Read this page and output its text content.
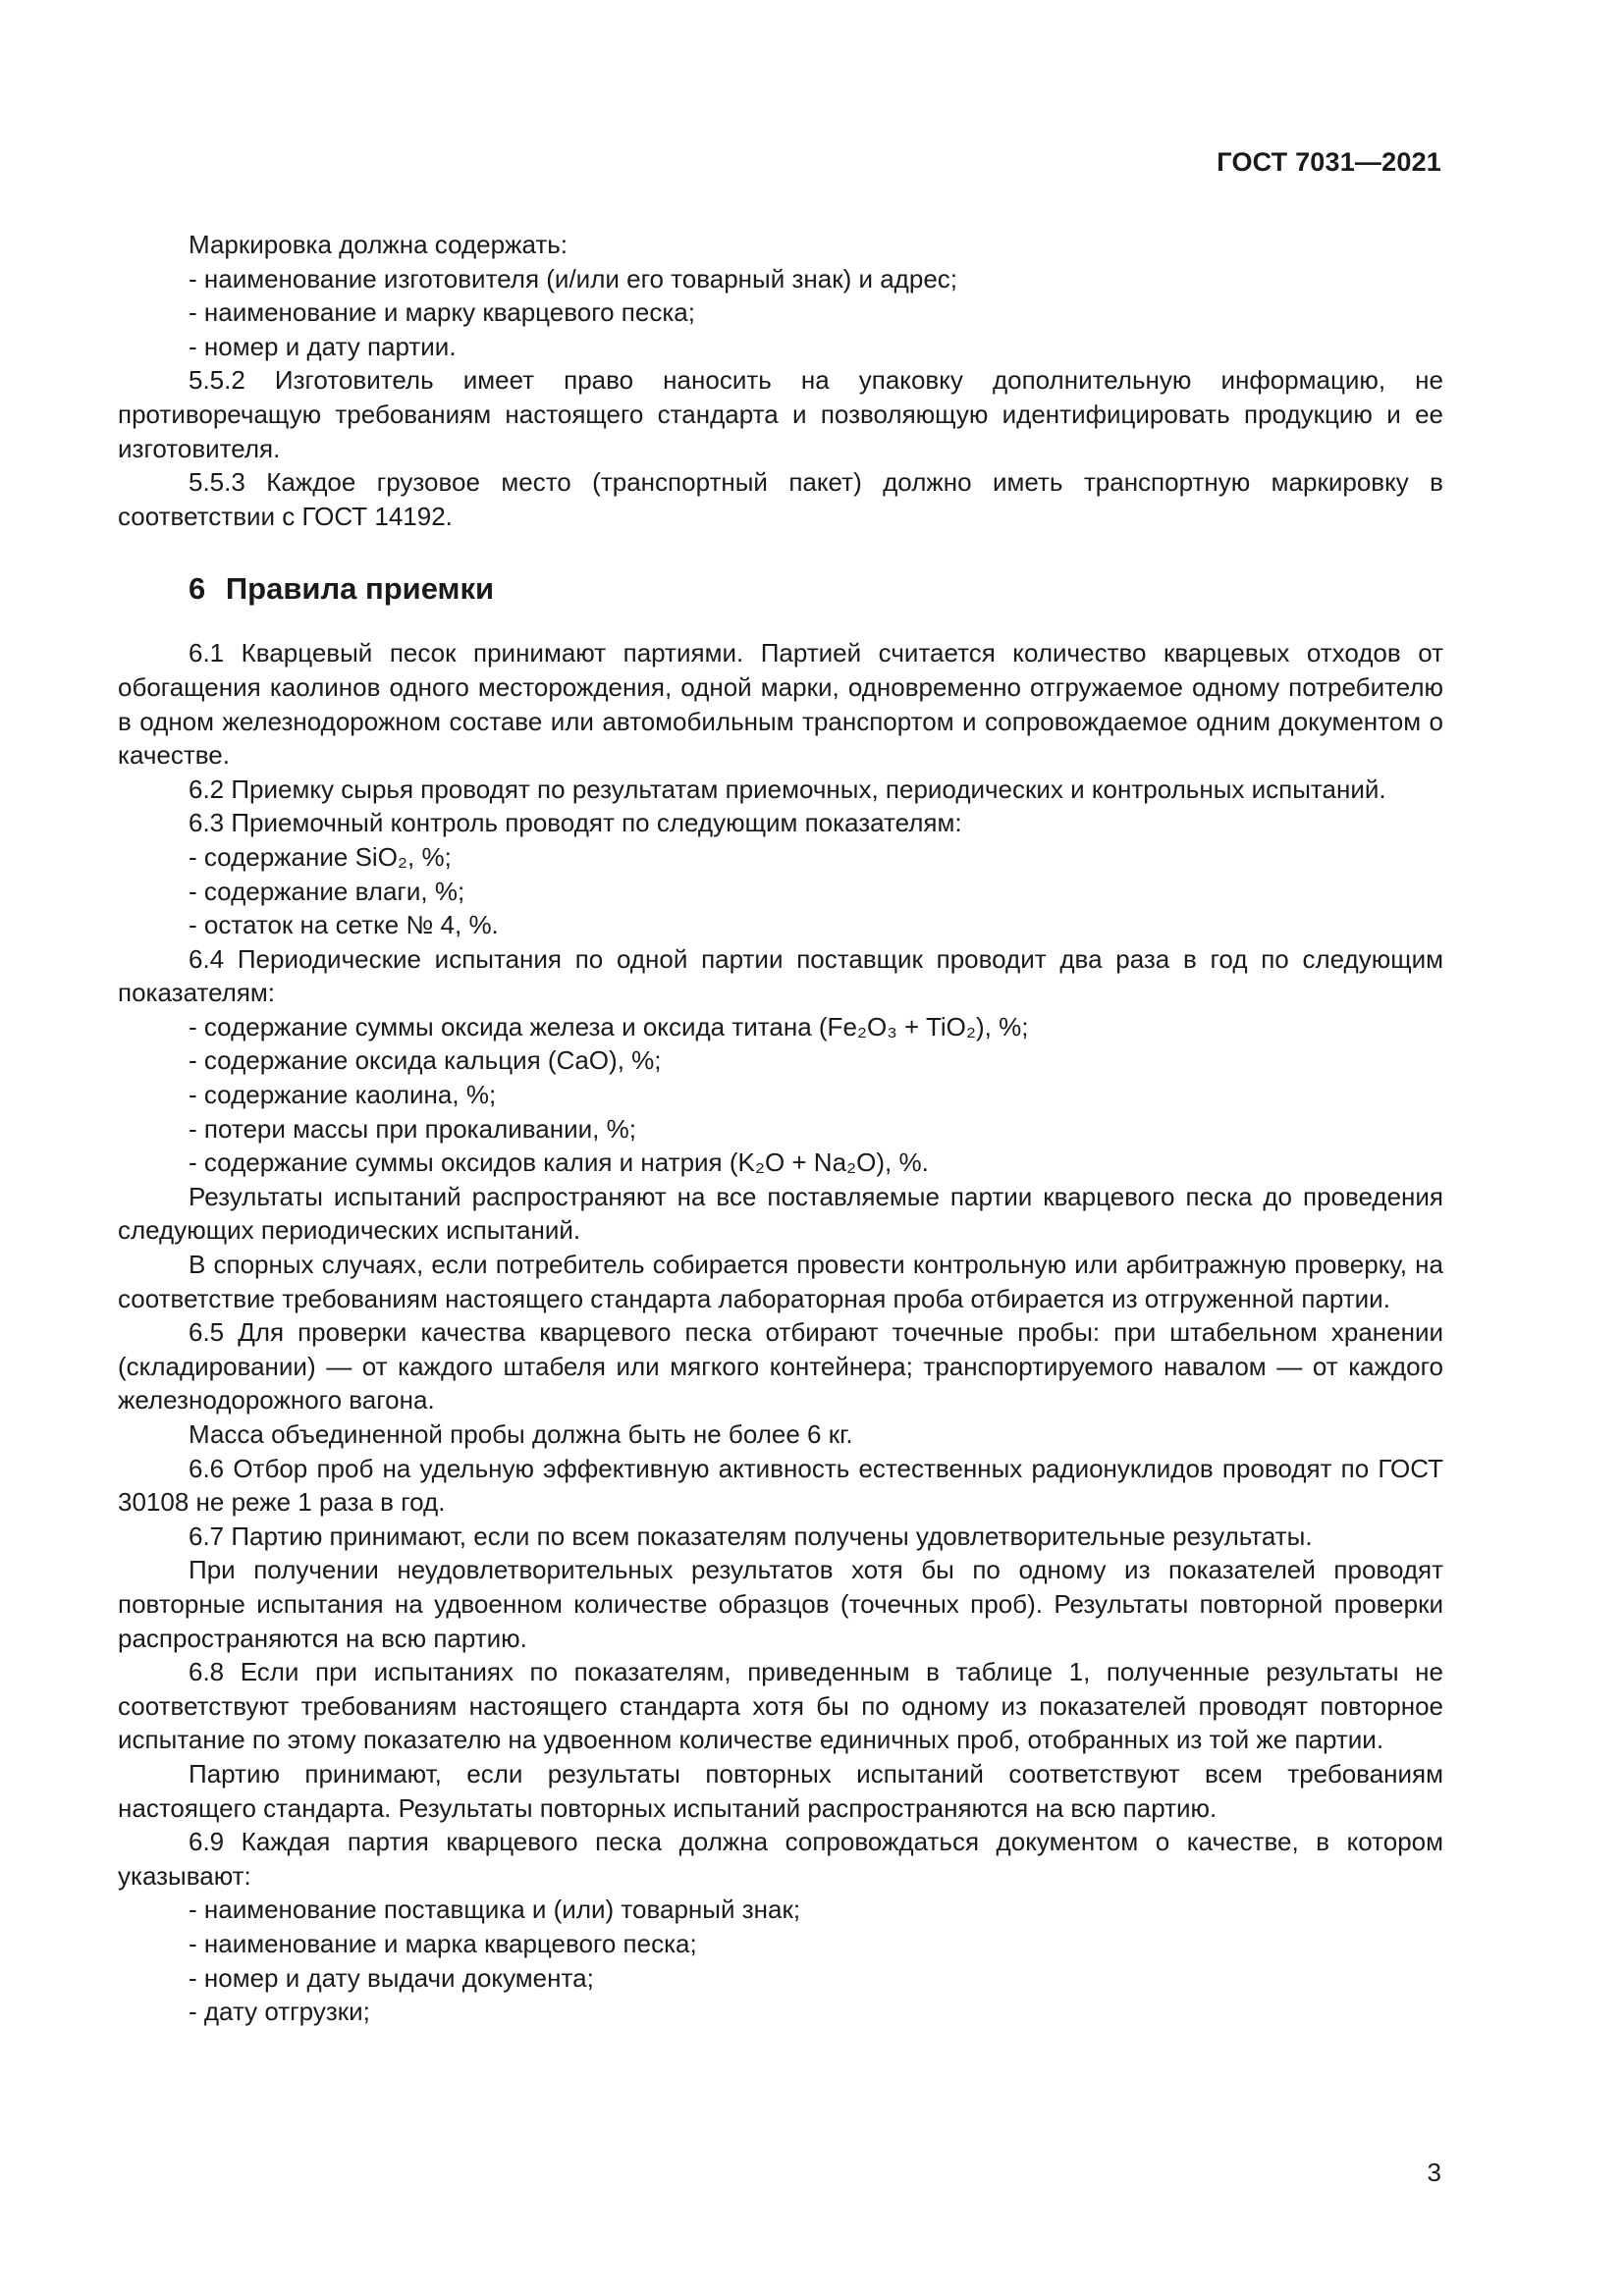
ГОСТ 7031—2021

Маркировка должна содержать:

- наименование изготовителя (и/или его товарный знак) и адрес;

- наименование и марку кварцевого песка;

- номер и дату партии.

5.5.2 Изготовитель имеет право наносить на упаковку дополнительную информацию, не противоречащую требованиям настоящего стандарта и позволяющую идентифицировать продукцию и ее изготовителя.

5.5.3 Каждое грузовое место (транспортный пакет) должно иметь транспортную маркировку в соответствии с ГОСТ 14192.

6 Правила приемки

6.1 Кварцевый песок принимают партиями. Партией считается количество кварцевых отходов от обогащения каолинов одного месторождения, одной марки, одновременно отгружаемое одному потребителю в одном железнодорожном составе или автомобильным транспортом и сопровождаемое одним документом о качестве.

6.2 Приемку сырья проводят по результатам приемочных, периодических и контрольных испытаний.

6.3 Приемочный контроль проводят по следующим показателям:

- содержание SiO₂, %;

- содержание влаги, %;

- остаток на сетке № 4, %.

6.4 Периодические испытания по одной партии поставщик проводит два раза в год по следующим показателям:

- содержание суммы оксида железа и оксида титана (Fe₂O₃ + TiO₂), %;

- содержание оксида кальция (CaO), %;

- содержание каолина, %;

- потери массы при прокаливании, %;

- содержание суммы оксидов калия и натрия (K₂O + Na₂O), %.

Результаты испытаний распространяют на все поставляемые партии кварцевого песка до проведения следующих периодических испытаний.

В спорных случаях, если потребитель собирается провести контрольную или арбитражную проверку, на соответствие требованиям настоящего стандарта лабораторная проба отбирается из отгруженной партии.

6.5 Для проверки качества кварцевого песка отбирают точечные пробы: при штабельном хранении (складировании) — от каждого штабеля или мягкого контейнера; транспортируемого навалом — от каждого железнодорожного вагона.

Масса объединенной пробы должна быть не более 6 кг.

6.6 Отбор проб на удельную эффективную активность естественных радионуклидов проводят по ГОСТ 30108 не реже 1 раза в год.

6.7 Партию принимают, если по всем показателям получены удовлетворительные результаты.

При получении неудовлетворительных результатов хотя бы по одному из показателей проводят повторные испытания на удвоенном количестве образцов (точечных проб). Результаты повторной проверки распространяются на всю партию.

6.8 Если при испытаниях по показателям, приведенным в таблице 1, полученные результаты не соответствуют требованиям настоящего стандарта хотя бы по одному из показателей проводят повторное испытание по этому показателю на удвоенном количестве единичных проб, отобранных из той же партии.

Партию принимают, если результаты повторных испытаний соответствуют всем требованиям настоящего стандарта. Результаты повторных испытаний распространяются на всю партию.

6.9 Каждая партия кварцевого песка должна сопровождаться документом о качестве, в котором указывают:

- наименование поставщика и (или) товарный знак;

- наименование и марка кварцевого песка;

- номер и дату выдачи документа;

- дату отгрузки;

3
